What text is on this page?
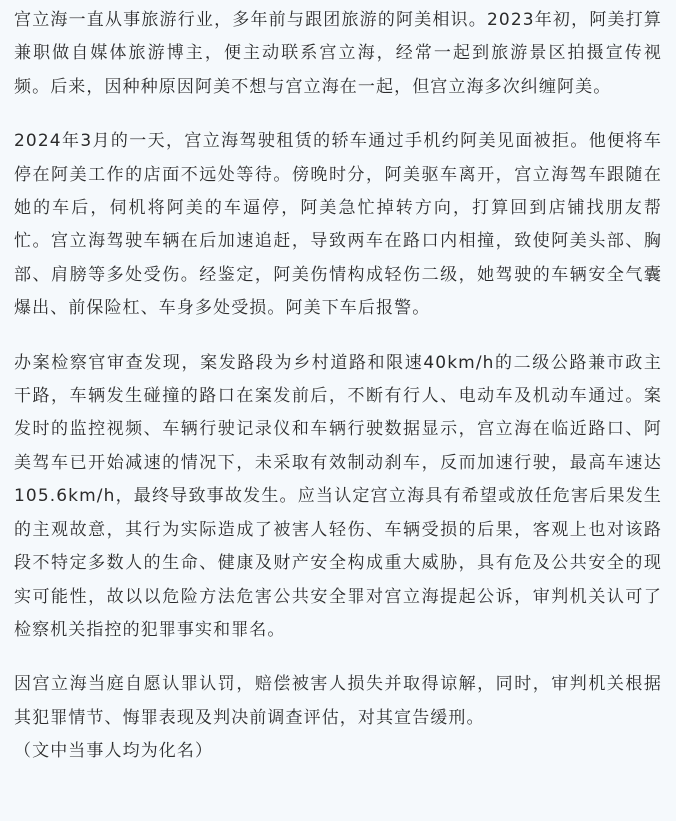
宫立海一直从事旅游行业，多年前与跟团旅游的阿美相识。2023年初，阿美打算兼职做自媒体旅游博主，便主动联系宫立海，经常一起到旅游景区拍摄宣传视频。后来，因种种原因阿美不想与宫立海在一起，但宫立海多次纠缠阿美。

2024年3月的一天，宫立海驾驶租赁的轿车通过手机约阿美见面被拒。他便将车停在阿美工作的店面不远处等待。傍晚时分，阿美驱车离开，宫立海驾车跟随在她的车后，伺机将阿美的车逼停，阿美急忙掉转方向，打算回到店铺找朋友帮忙。宫立海驾驶车辆在后加速追赶，导致两车在路口内相撞，致使阿美头部、胸部、肩膀等多处受伤。经鉴定，阿美伤情构成轻伤二级，她驾驶的车辆安全气囊爆出、前保险杠、车身多处受损。阿美下车后报警。

办案检察官审查发现，案发路段为乡村道路和限速40km/h的二级公路兼市政主干路，车辆发生碰撞的路口在案发前后，不断有行人、电动车及机动车通过。案发时的监控视频、车辆行驶记录仪和车辆行驶数据显示，宫立海在临近路口、阿美驾车已开始减速的情况下，未采取有效制动刹车，反而加速行驶，最高车速达105.6km/h，最终导致事故发生。应当认定宫立海具有希望或放任危害后果发生的主观故意，其行为实际造成了被害人轻伤、车辆受损的后果，客观上也对该路段不特定多数人的生命、健康及财产安全构成重大威胁，具有危及公共安全的现实可能性，故以以危险方法危害公共安全罪对宫立海提起公诉，审判机关认可了检察机关指控的犯罪事实和罪名。

因宫立海当庭自愿认罪认罚，赔偿被害人损失并取得谅解，同时，审判机关根据其犯罪情节、悔罪表现及判决前调查评估，对其宣告缓刑。

（文中当事人均为化名）
